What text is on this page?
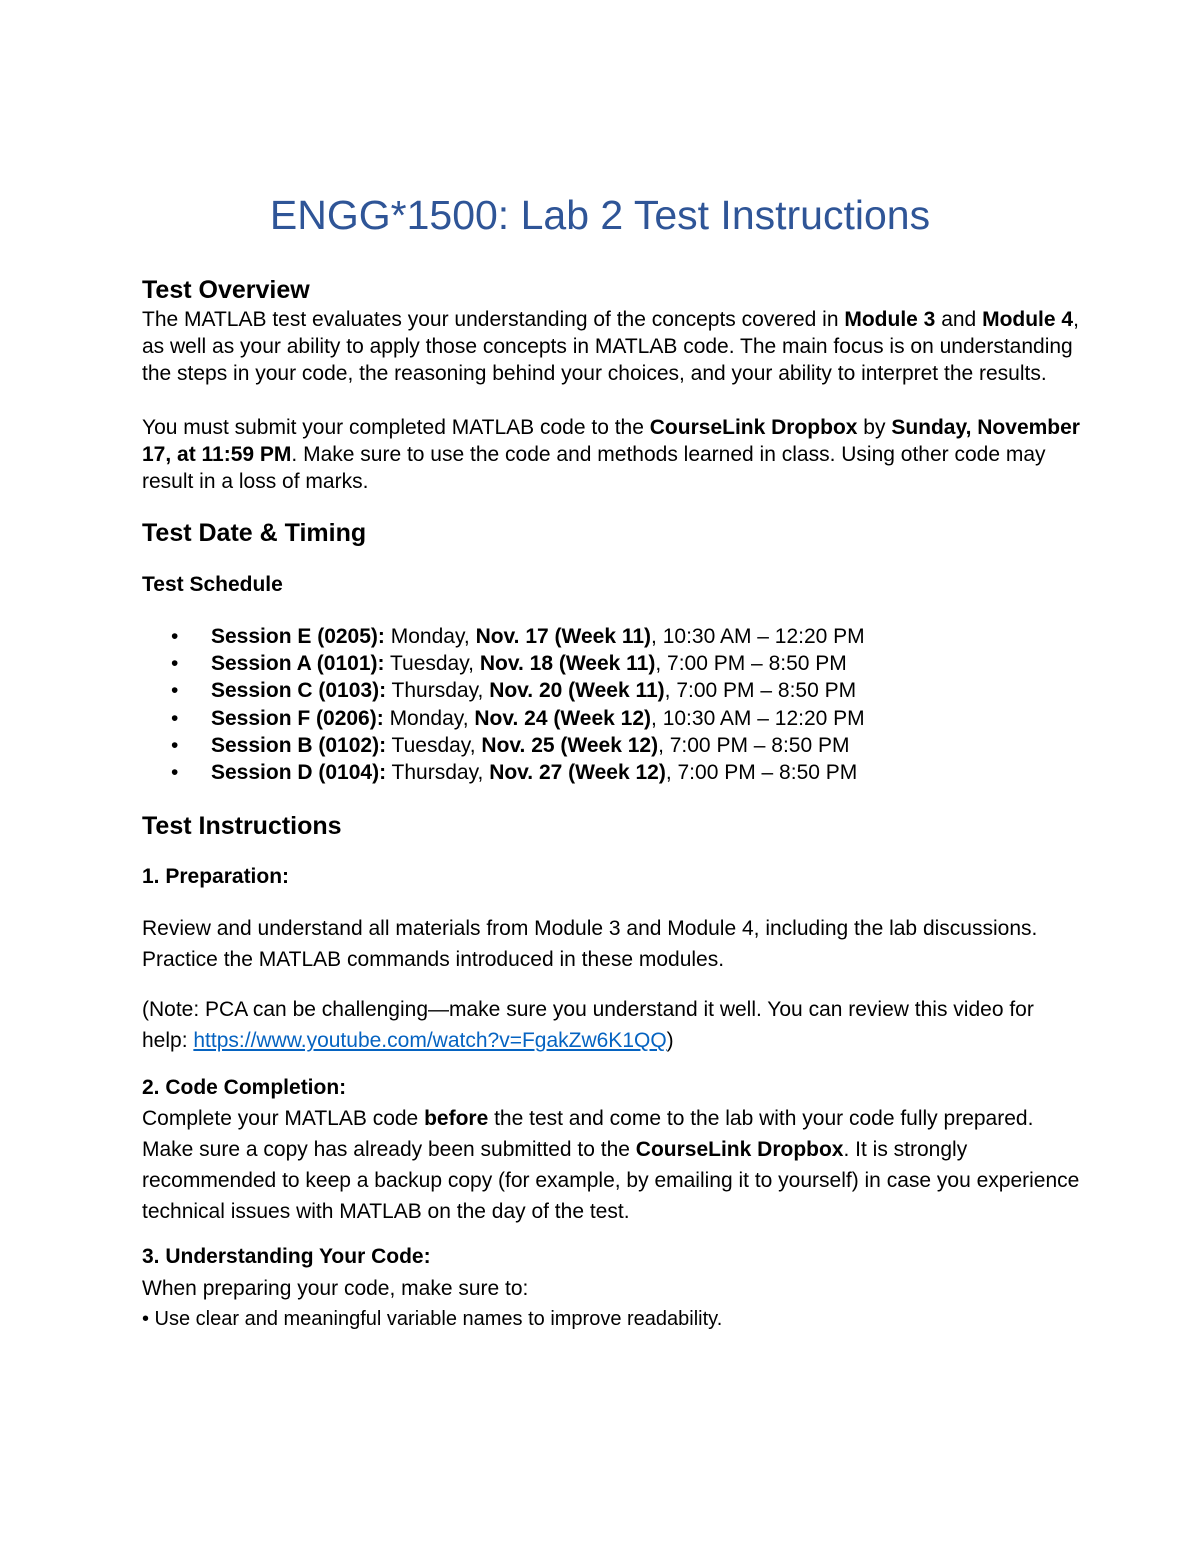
ENGG*1500: Lab 2 Test Instructions
Test Overview

The MATLAB test evaluates your understanding of the concepts covered in Module 3 and Module 4, as well as your ability to apply those concepts in MATLAB code. The main focus is on understanding the steps in your code, the reasoning behind your choices, and your ability to interpret the results.

You must submit your completed MATLAB code to the CourseLink Dropbox by Sunday, November 17, at 11:59 PM. Make sure to use the code and methods learned in class. Using other code may result in a loss of marks.

Test Date & Timing
Test Schedule
• Session E (0205): Monday, Nov. 17 (Week 11), 10:30 AM – 12:20 PM
• Session A (0101): Tuesday, Nov. 18 (Week 11), 7:00 PM – 8:50 PM
• Session C (0103): Thursday, Nov. 20 (Week 11), 7:00 PM – 8:50 PM
• Session F (0206): Monday, Nov. 24 (Week 12), 10:30 AM – 12:20 PM
• Session B (0102): Tuesday, Nov. 25 (Week 12), 7:00 PM – 8:50 PM
• Session D (0104): Thursday, Nov. 27 (Week 12), 7:00 PM – 8:50 PM
Test Instructions
1. Preparation:

Review and understand all materials from Module 3 and Module 4, including the lab discussions. Practice the MATLAB commands introduced in these modules.

(Note: PCA can be challenging—make sure you understand it well. You can review this video for help: https://www.youtube.com/watch?v=FgakZw6K1QQ)

2. Code Completion:

Complete your MATLAB code before the test and come to the lab with your code fully prepared. Make sure a copy has already been submitted to the CourseLink Dropbox. It is strongly recommended to keep a backup copy (for example, by emailing it to yourself) in case you experience technical issues with MATLAB on the day of the test.

3. Understanding Your Code:

When preparing your code, make sure to:

• Use clear and meaningful variable names to improve readability.
